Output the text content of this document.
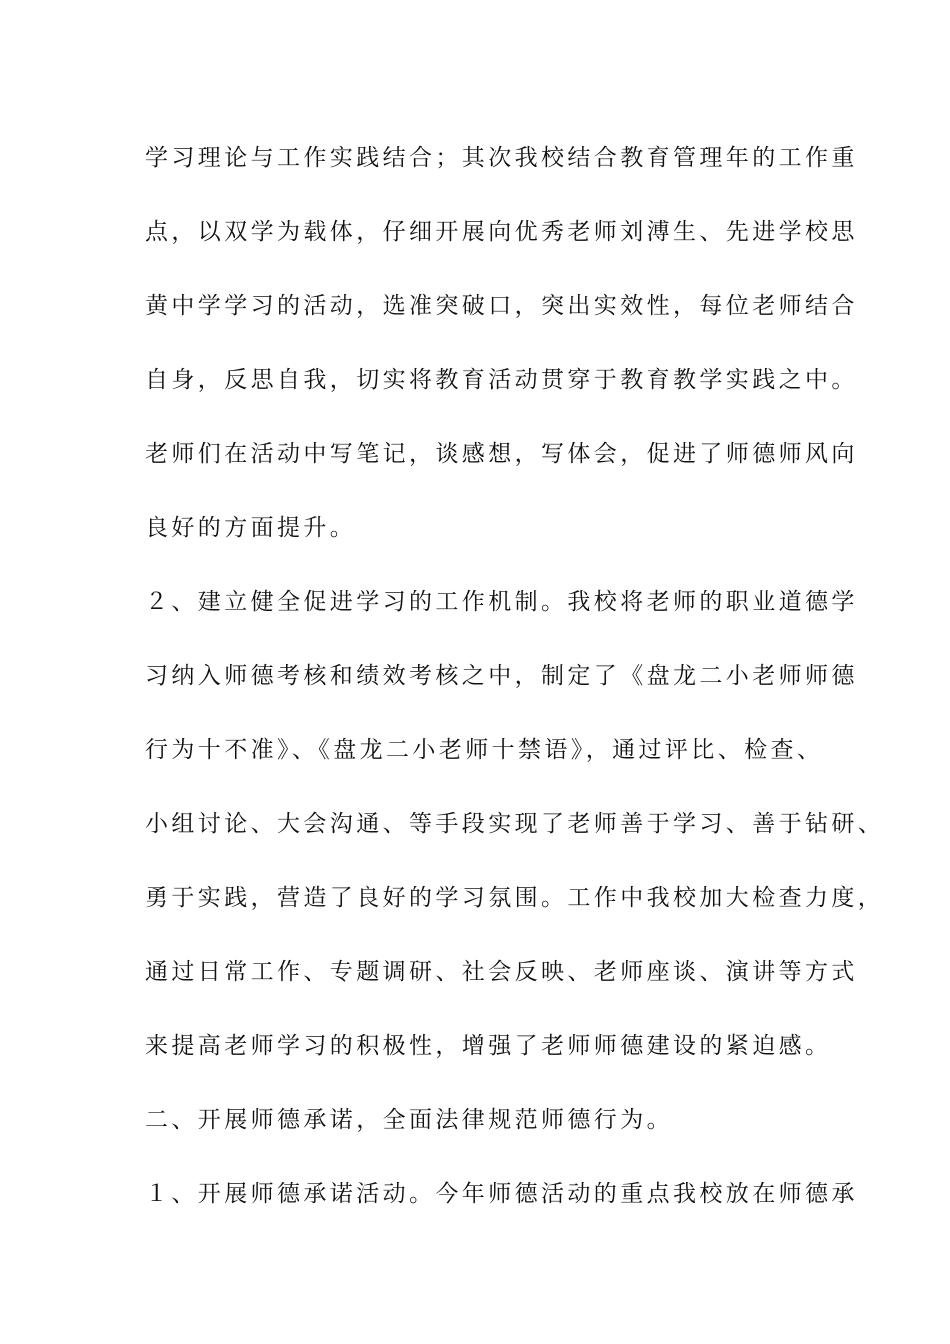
学习理论与工作实践结合；其次我校结合教育管理年的工作重
点，以双学为载体，仔细开展向优秀老师刘溥生、先进学校思
黄中学学习的活动，选准突破口，突出实效性，每位老师结合
自身，反思自我，切实将教育活动贯穿于教育教学实践之中。
老师们在活动中写笔记，谈感想，写体会，促进了师德师风向
良好的方面提升。
２、建立健全促进学习的工作机制。我校将老师的职业道德学
习纳入师德考核和绩效考核之中，制定了《盘龙二小老师师德
行为十不准》、《盘龙二小老师十禁语》，通过评比、检查、
小组讨论、大会沟通、等手段实现了老师善于学习、善于钻研、
勇于实践，营造了良好的学习氛围。工作中我校加大检查力度，
通过日常工作、专题调研、社会反映、老师座谈、演讲等方式
来提高老师学习的积极性，增强了老师师德建设的紧迫感。
二、开展师德承诺，全面法律规范师德行为。
１、开展师德承诺活动。今年师德活动的重点我校放在师德承
